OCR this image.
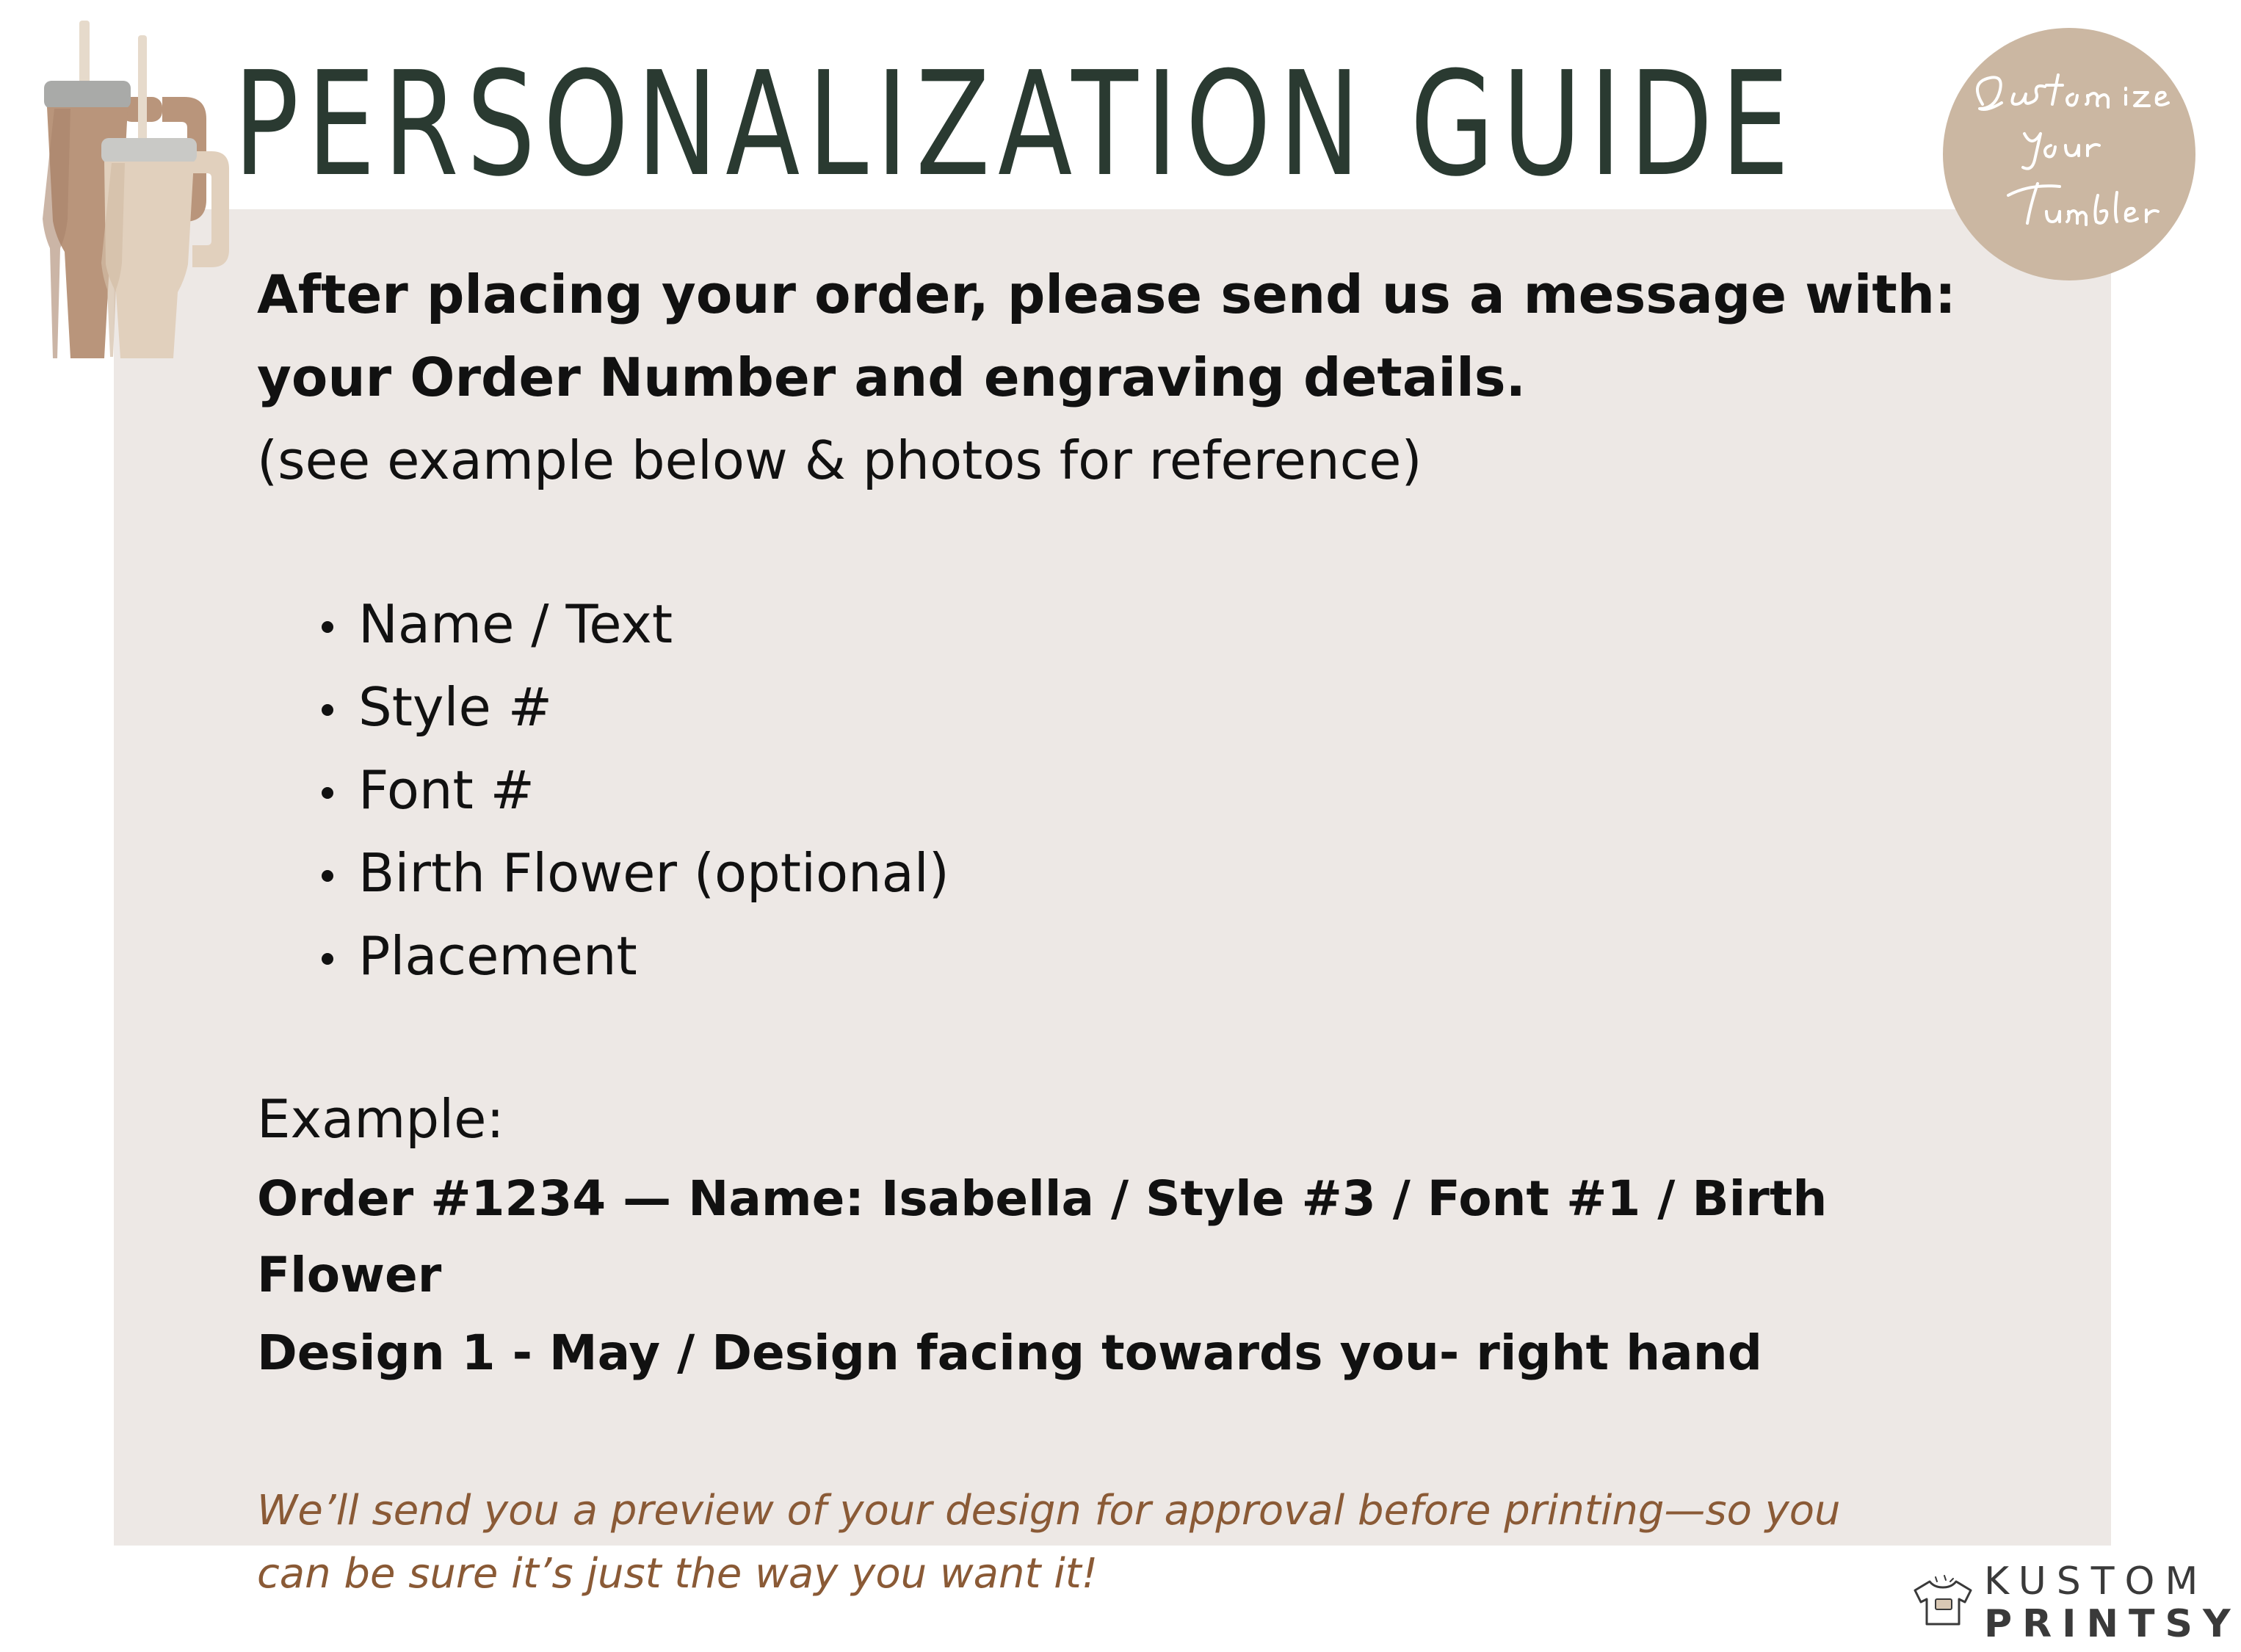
PERSONALIZATION GUIDE

After placing your order, please send us a message with:

your Order Number and engraving details.

(see example below & photos for reference)

Name / Text
Style #
Font #
Birth Flower (optional)
Placement

Example:

Order #1234 — Name: Isabella / Style #3 / Font #1 / Birth Flower

Design 1 - May / Design facing towards you- right hand

We’ll send you a preview of your design for approval before printing—so you
can be sure it’s just the way you want it!	KUSTOM

PRINTSY
